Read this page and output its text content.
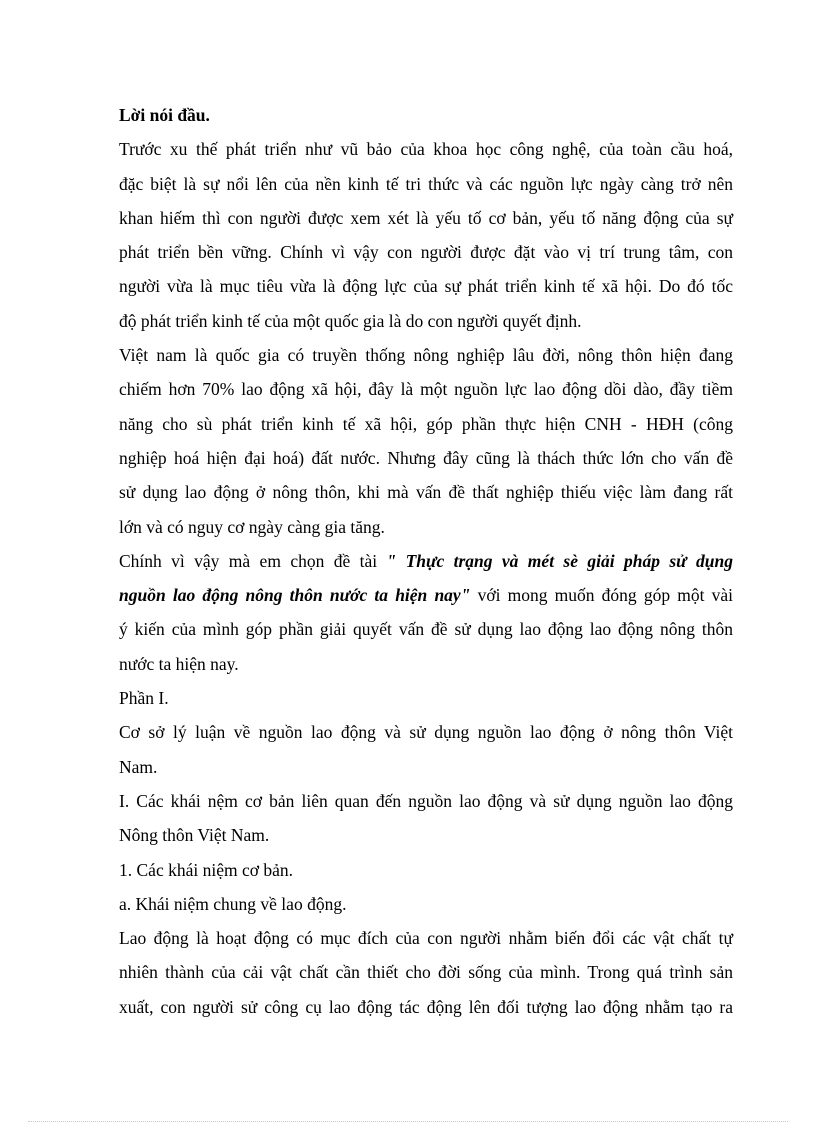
Lời nói đầu.
Trước xu thế phát triển như vũ bảo của khoa học công nghệ, của toàn cầu hoá,
đặc biệt là sự nổi lên của nền kinh tế tri thức và các nguồn lực ngày càng trở nên
khan hiếm thì con người được xem xét là yếu tố cơ bản, yếu tố năng động của sự
phát triển bền vững. Chính vì vậy con người được đặt vào vị trí trung tâm, con
người vừa là mục tiêu vừa là động lực của sự phát triển kinh tế xã hội. Do đó tốc
độ phát triển kinh tế của một quốc gia là do con người quyết định.
Việt nam là quốc gia có truyền thống nông nghiệp lâu đời, nông thôn hiện đang
chiếm hơn 70% lao động xã hội, đây là một nguồn lực lao động dồi dào, đầy tiềm
năng cho sù phát triển kinh tế xã hội, góp phần thực hiện CNH - HĐH (công
nghiệp hoá hiện đại hoá) đất nước. Nhưng đây cũng là thách thức lớn cho vấn đề
sử dụng lao động ở nông thôn, khi mà vấn đề thất nghiệp thiếu việc làm đang rất
lớn và có nguy cơ ngày càng gia tăng.
Chính vì vậy mà em chọn đề tài " Thực trạng và mét sè giải pháp sử dụng
nguồn lao động nông thôn nước ta hiện nay" với mong muốn đóng góp một vài
ý kiến của mình góp phần giải quyết vấn đề sử dụng lao động lao động nông thôn
nước ta hiện nay.
Phần I.
Cơ sở lý luận về nguồn lao động và sử dụng nguồn lao động ở nông thôn Việt
Nam.
I. Các khái nệm cơ bản liên quan đến nguồn lao động và sử dụng nguồn lao động
Nông thôn Việt Nam.
1. Các khái niệm cơ bản.
a. Khái niệm chung về lao động.
Lao động là hoạt động có mục đích của con người nhằm biến đổi các vật chất tự
nhiên thành của cải vật chất cần thiết cho đời sống của mình. Trong quá trình sản
xuất, con người sử công cụ lao động tác động lên đối tượng lao động nhằm tạo ra
